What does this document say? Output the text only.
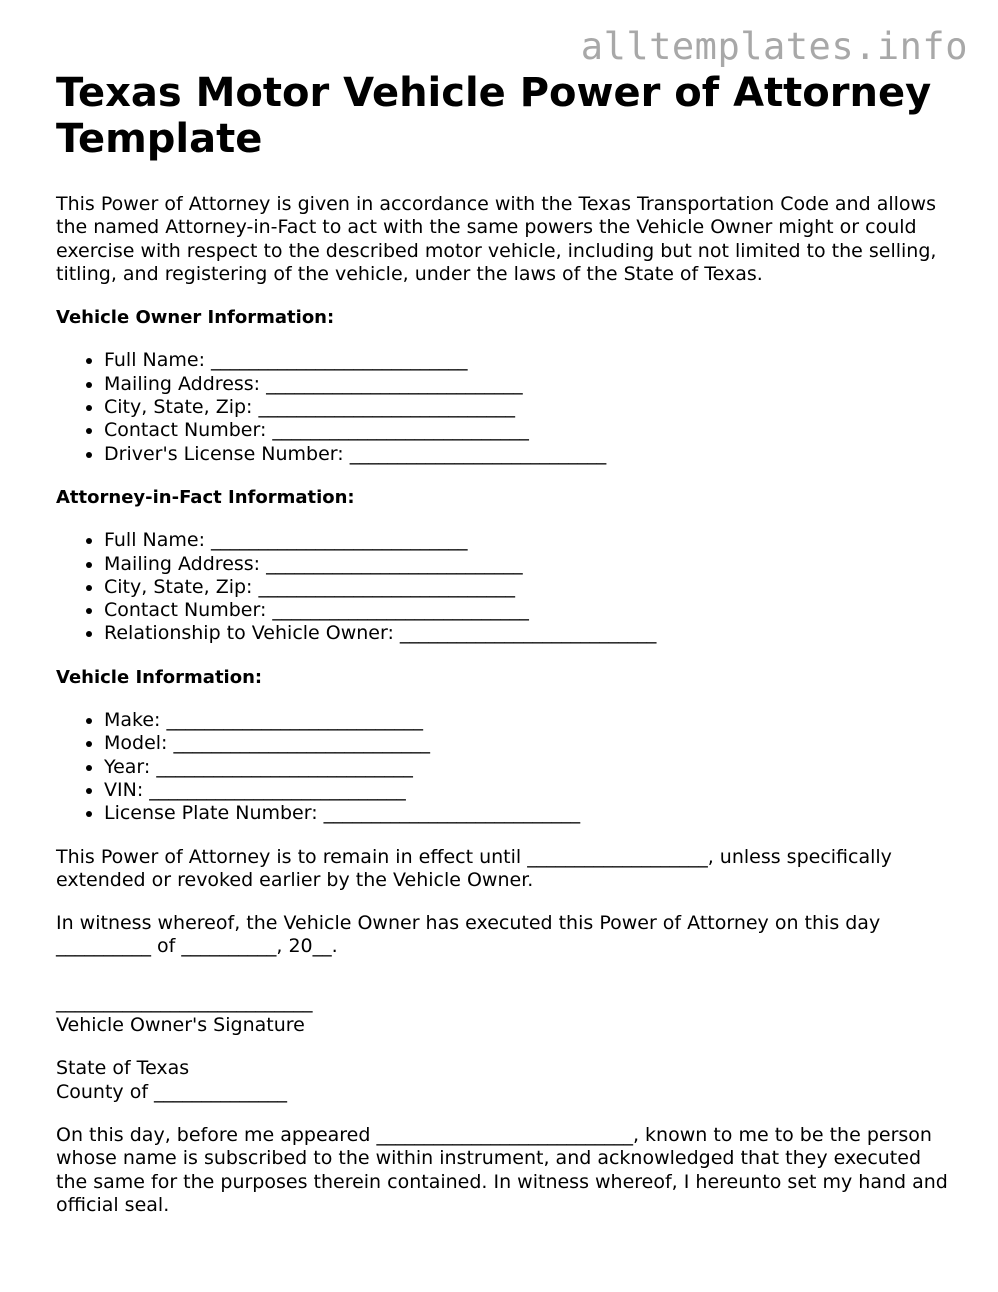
alltemplates.info
Texas Motor Vehicle Power of Attorney Template

This Power of Attorney is given in accordance with the Texas Transportation Code and allows the named Attorney-in-Fact to act with the same powers the Vehicle Owner might or could exercise with respect to the described motor vehicle, including but not limited to the selling, titling, and registering of the vehicle, under the laws of the State of Texas.

Vehicle Owner Information:
• Full Name: ___________________________
• Mailing Address: ___________________________
• City, State, Zip: ___________________________
• Contact Number: ___________________________
• Driver's License Number: ___________________________
Attorney-in-Fact Information:
• Full Name: ___________________________
• Mailing Address: ___________________________
• City, State, Zip: ___________________________
• Contact Number: ___________________________
• Relationship to Vehicle Owner: ___________________________
Vehicle Information:
• Make: ___________________________
• Model: ___________________________
• Year: ___________________________
• VIN: ___________________________
• License Plate Number: ___________________________

This Power of Attorney is to remain in effect until ___________________, unless specifically extended or revoked earlier by the Vehicle Owner.

In witness whereof, the Vehicle Owner has executed this Power of Attorney on this day __________ of __________, 20__.

___________________________
Vehicle Owner's Signature

State of Texas
County of ______________

On this day, before me appeared ___________________________, known to me to be the person whose name is subscribed to the within instrument, and acknowledged that they executed the same for the purposes therein contained. In witness whereof, I hereunto set my hand and official seal.
